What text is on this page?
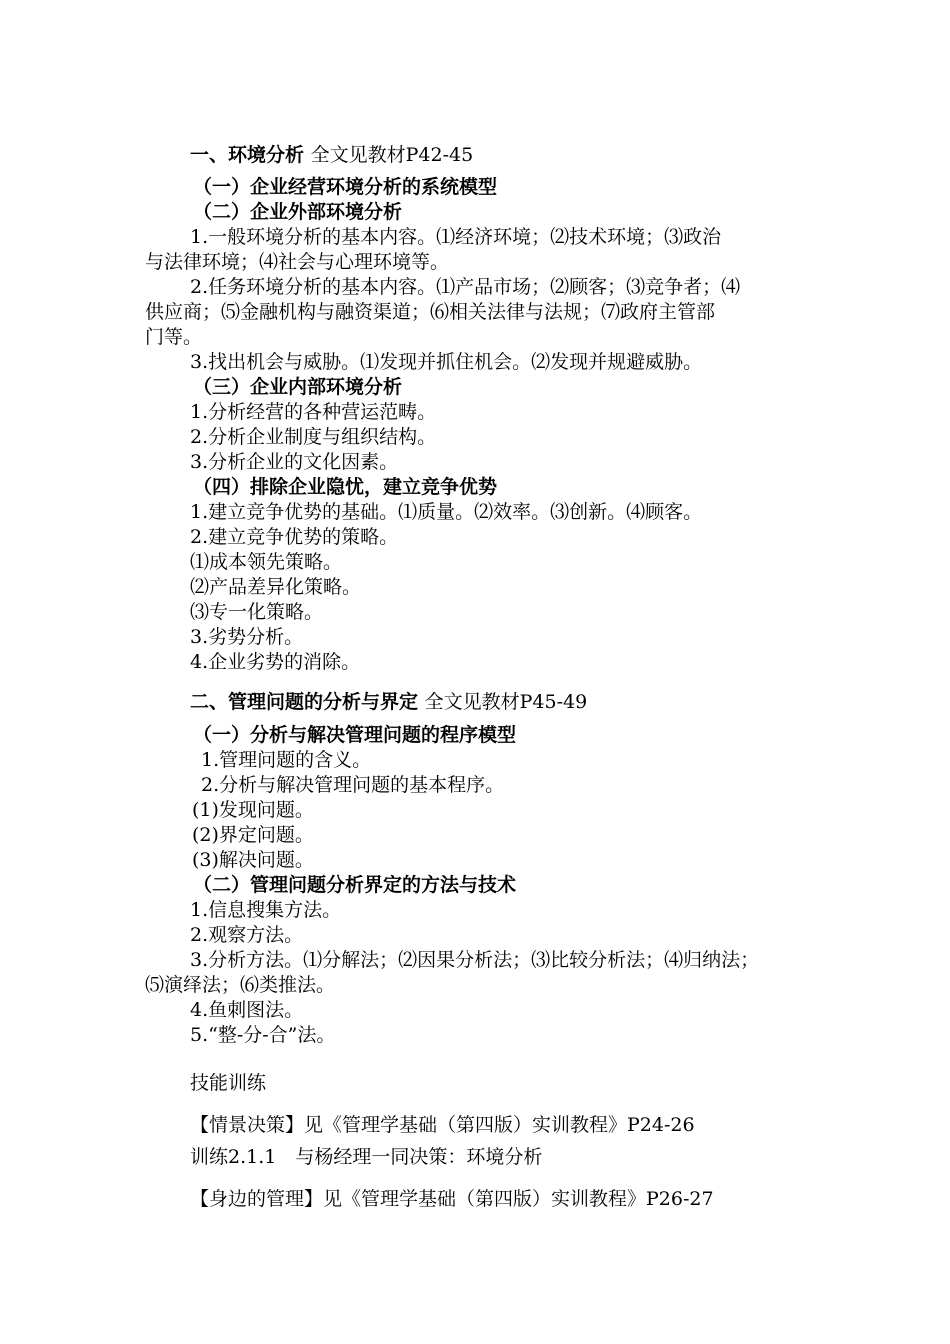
一、环境分析 全文见教材P42-45
（一）企业经营环境分析的系统模型
（二）企业外部环境分析
1.一般环境分析的基本内容。⑴经济环境；⑵技术环境；⑶政治
与法律环境；⑷社会与心理环境等。
2.任务环境分析的基本内容。⑴产品市场；⑵顾客；⑶竞争者；⑷
供应商；⑸金融机构与融资渠道；⑹相关法律与法规；⑺政府主管部
门等。
3.找出机会与威胁。⑴发现并抓住机会。⑵发现并规避威胁。
（三）企业内部环境分析
1.分析经营的各种营运范畴。
2.分析企业制度与组织结构。
3.分析企业的文化因素。
（四）排除企业隐忧，建立竞争优势
1.建立竞争优势的基础。⑴质量。⑵效率。⑶创新。⑷顾客。
2.建立竞争优势的策略。
⑴成本领先策略。
⑵产品差异化策略。
⑶专一化策略。
3.劣势分析。
4.企业劣势的消除。
二、管理问题的分析与界定 全文见教材P45-49
（一）分析与解决管理问题的程序模型
1.管理问题的含义。
2.分析与解决管理问题的基本程序。
(1)发现问题。
(2)界定问题。
(3)解决问题。
（二）管理问题分析界定的方法与技术
1.信息搜集方法。
2.观察方法。
3.分析方法。⑴分解法；⑵因果分析法；⑶比较分析法；⑷归纳法；
⑸演绎法；⑹类推法。
4.鱼刺图法。
5.“整-分-合”法。
技能训练
【情景决策】见《管理学基础（第四版）实训教程》P24-26
训练2.1.1　与杨经理一同决策：环境分析
【身边的管理】见《管理学基础（第四版）实训教程》P26-27
